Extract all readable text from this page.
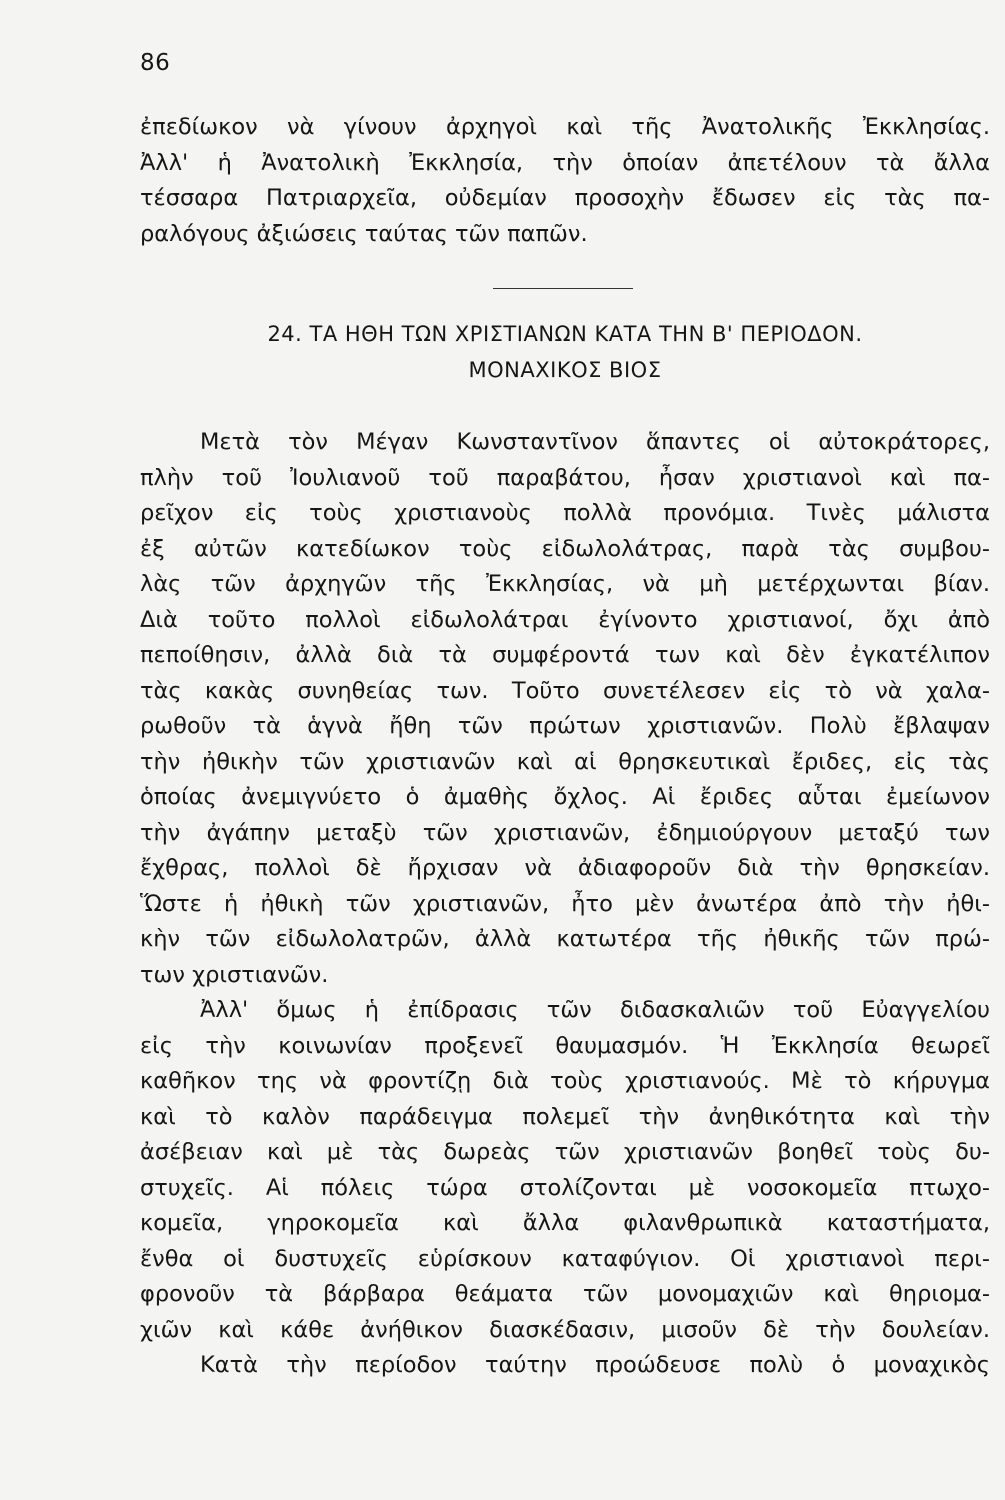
86
ἐπεδίωκον νὰ γίνουν ἀρχηγοὶ καὶ τῆς Ἀνατολικῆς Ἐκκλησίας.
Ἀλλ' ἡ Ἀνατολικὴ Ἐκκλησία, τὴν ὁποίαν ἀπετέλουν τὰ ἄλλα
τέσσαρα Πατριαρχεῖα, οὐδεμίαν προσοχὴν ἔδωσεν εἰς τὰς πα-
ραλόγους ἀξιώσεις ταύτας τῶν παπῶν.
24. ΤΑ ΗΘΗ ΤΩΝ ΧΡΙΣΤΙΑΝΩΝ ΚΑΤΑ ΤΗΝ Β' ΠΕΡΙΟΔΟΝ.
ΜΟΝΑΧΙΚΟΣ ΒΙΟΣ
Μετὰ τὸν Μέγαν Κωνσταντῖνον ἅπαντες οἱ αὐτοκράτορες,
πλὴν τοῦ Ἰουλιανοῦ τοῦ παραβάτου, ἦσαν χριστιανοὶ καὶ πα-
ρεῖχον εἰς τοὺς χριστιανοὺς πολλὰ προνόμια. Τινὲς μάλιστα
ἐξ αὐτῶν κατεδίωκον τοὺς εἰδωλολάτρας, παρὰ τὰς συμβου-
λὰς τῶν ἀρχηγῶν τῆς Ἐκκλησίας, νὰ μὴ μετέρχωνται βίαν.
Διὰ τοῦτο πολλοὶ εἰδωλολάτραι ἐγίνοντο χριστιανοί, ὄχι ἀπὸ
πεποίθησιν, ἀλλὰ διὰ τὰ συμφέροντά των καὶ δὲν ἐγκατέλιπον
τὰς κακὰς συνηθείας των. Τοῦτο συνετέλεσεν εἰς τὸ νὰ χαλα-
ρωθοῦν τὰ ἁγνὰ ἤθη τῶν πρώτων χριστιανῶν. Πολὺ ἔβλαψαν
τὴν ἠθικὴν τῶν χριστιανῶν καὶ αἱ θρησκευτικαὶ ἔριδες, εἰς τὰς
ὁποίας ἀνεμιγνύετο ὁ ἀμαθὴς ὄχλος. Αἱ ἔριδες αὗται ἐμείωνον
τὴν ἀγάπην μεταξὺ τῶν χριστιανῶν, ἐδημιούργουν μεταξύ των
ἔχθρας, πολλοὶ δὲ ἤρχισαν νὰ ἀδιαφοροῦν διὰ τὴν θρησκείαν.
Ὥστε ἡ ἠθικὴ τῶν χριστιανῶν, ἦτο μὲν ἀνωτέρα ἀπὸ τὴν ἠθι-
κὴν τῶν εἰδωλολατρῶν, ἀλλὰ κατωτέρα τῆς ἠθικῆς τῶν πρώ-
των χριστιανῶν.
Ἀλλ' ὅμως ἡ ἐπίδρασις τῶν διδασκαλιῶν τοῦ Εὐαγγελίου
εἰς τὴν κοινωνίαν προξενεῖ θαυμασμόν. Ἡ Ἐκκλησία θεωρεῖ
καθῆκον της νὰ φροντίζῃ διὰ τοὺς χριστιανούς. Μὲ τὸ κήρυγμα
καὶ τὸ καλὸν παράδειγμα πολεμεῖ τὴν ἀνηθικότητα καὶ τὴν
ἀσέβειαν καὶ μὲ τὰς δωρεὰς τῶν χριστιανῶν βοηθεῖ τοὺς δυ-
στυχεῖς. Αἱ πόλεις τώρα στολίζονται μὲ νοσοκομεῖα πτωχο-
κομεῖα, γηροκομεῖα καὶ ἄλλα φιλανθρωπικὰ καταστήματα,
ἔνθα οἱ δυστυχεῖς εὑρίσκουν καταφύγιον. Οἱ χριστιανοὶ περι-
φρονοῦν τὰ βάρβαρα θεάματα τῶν μονομαχιῶν καὶ θηριομα-
χιῶν καὶ κάθε ἀνήθικον διασκέδασιν, μισοῦν δὲ τὴν δουλείαν.
Κατὰ τὴν περίοδον ταύτην προώδευσε πολὺ ὁ μοναχικὸς
